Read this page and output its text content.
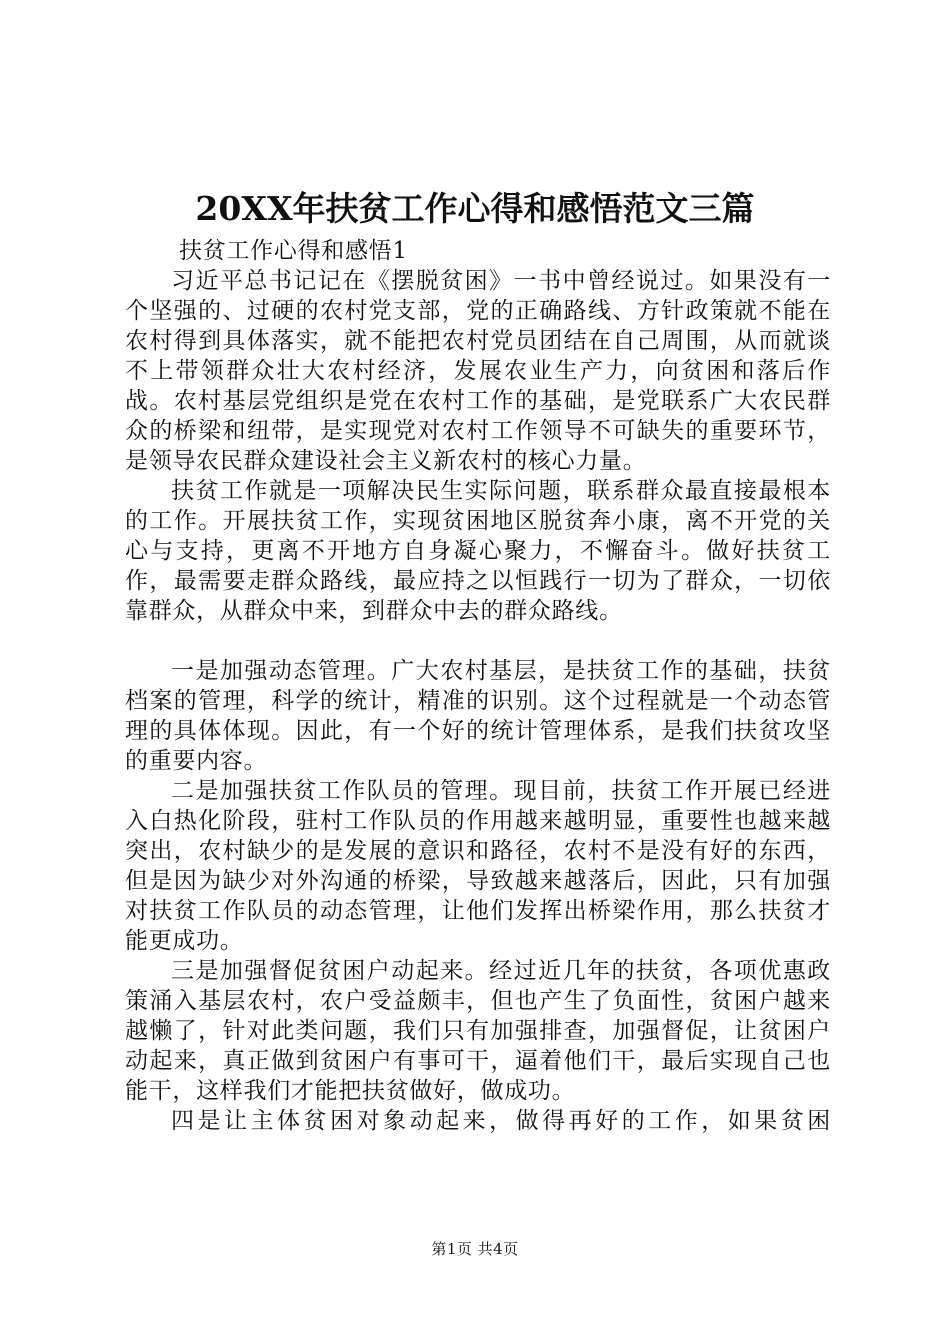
20XX年扶贫工作心得和感悟范文三篇

扶贫工作心得和感悟1

习近平总书记记在《摆脱贫困》一书中曾经说过。如果没有一个坚强的、过硬的农村党支部，党的正确路线、方针政策就不能在农村得到具体落实，就不能把农村党员团结在自己周围，从而就谈不上带领群众壮大农村经济，发展农业生产力，向贫困和落后作战。农村基层党组织是党在农村工作的基础，是党联系广大农民群众的桥梁和纽带，是实现党对农村工作领导不可缺失的重要环节，是领导农民群众建设社会主义新农村的核心力量。

扶贫工作就是一项解决民生实际问题，联系群众最直接最根本的工作。开展扶贫工作，实现贫困地区脱贫奔小康，离不开党的关心与支持，更离不开地方自身凝心聚力，不懈奋斗。做好扶贫工作，最需要走群众路线，最应持之以恒践行一切为了群众，一切依靠群众，从群众中来，到群众中去的群众路线。

一是加强动态管理。广大农村基层，是扶贫工作的基础，扶贫档案的管理，科学的统计，精准的识别。这个过程就是一个动态管理的具体体现。因此，有一个好的统计管理体系，是我们扶贫攻坚的重要内容。

二是加强扶贫工作队员的管理。现目前，扶贫工作开展已经进入白热化阶段，驻村工作队员的作用越来越明显，重要性也越来越突出，农村缺少的是发展的意识和路径，农村不是没有好的东西，但是因为缺少对外沟通的桥梁，导致越来越落后，因此，只有加强对扶贫工作队员的动态管理，让他们发挥出桥梁作用，那么扶贫才能更成功。

三是加强督促贫困户动起来。经过近几年的扶贫，各项优惠政策涌入基层农村，农户受益颇丰，但也产生了负面性，贫困户越来越懒了，针对此类问题，我们只有加强排查，加强督促，让贫困户动起来，真正做到贫困户有事可干，逼着他们干，最后实现自己也能干，这样我们才能把扶贫做好，做成功。

四是让主体贫困对象动起来，做得再好的工作，如果贫困

第1页 共4页
